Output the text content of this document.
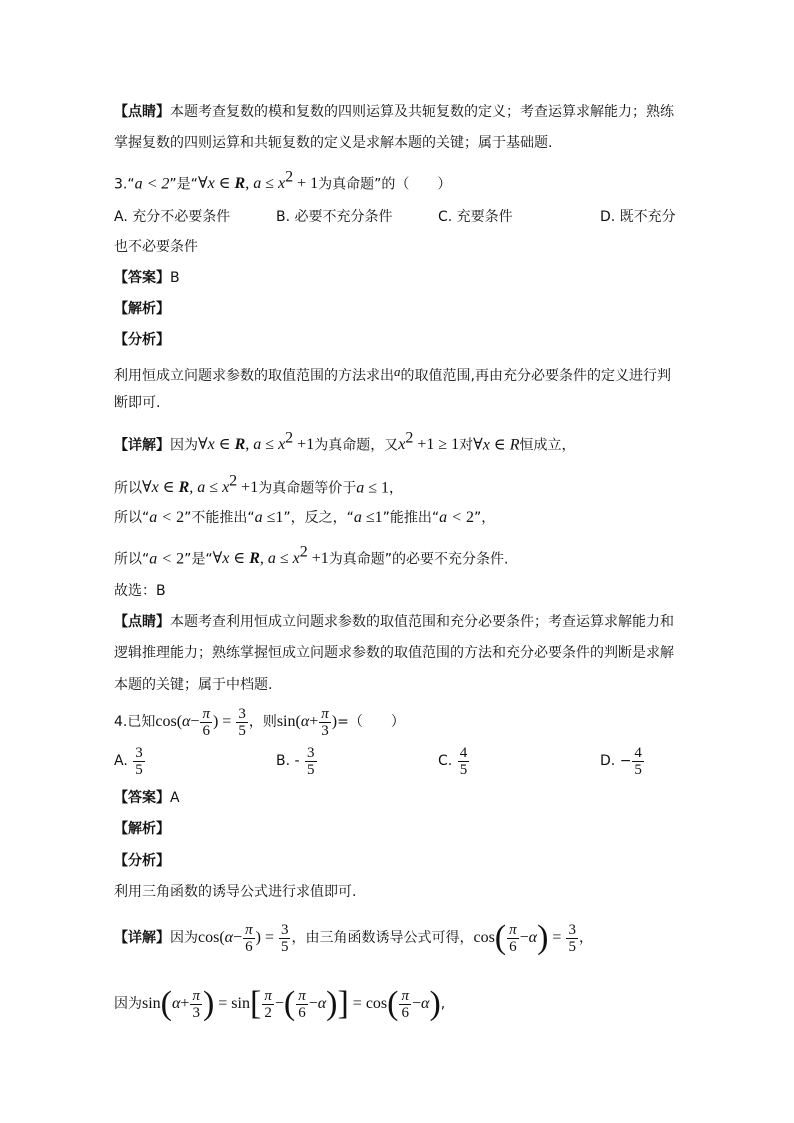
【点睛】本题考查复数的模和复数的四则运算及共轭复数的定义；考查运算求解能力；熟练
掌握复数的四则运算和共轭复数的定义是求解本题的关键；属于基础题.
3.“a < 2”是“∀x ∈ R, $a \le x^2 + 1$为真命题”的（　　）
A. 充分不必要条件	B. 必要不充分条件	C. 充要条件	D. 既不充分
也不必要条件
【答案】B
【解析】
【分析】
利用恒成立问题求参数的取值范围的方法求出a的取值范围,再由充分必要条件的定义进行判
断即可.
【详解】因为∀x ∈ R, $a \le x^2 +1$为真命题，又$x^2 +1 \ge 1$对∀x ∈ R恒成立，
所以∀x ∈ R, $a \le x^2 +1$为真命题等价于a ≤ 1，
所以“a < 2”不能推出“a ≤1”，反之，“a ≤1”能推出“a < 2”，
所以“a < 2”是“∀x ∈ R, $a \le x^2 +1$为真命题”的必要不充分条件.
故选：B
【点睛】本题考查利用恒成立问题求参数的取值范围和充分必要条件；考查运算求解能力和
逻辑推理能力；熟练掌握恒成立问题求参数的取值范围的方法和充分必要条件的判断是求解
本题的关键；属于中档题.
4.已知$\cos(\alpha- \frac{\pi}{6}$ ) = $\frac{3}{5}$ ，则$\sin(\alpha+ \frac{\pi}{3}$ )=（　　）
A. $\frac{3}{5}$	B. - $\frac{3}{5}$	C. $\frac{4}{5}$	D. − $\frac{4}{5}$
【答案】A
【解析】
【分析】
利用三角函数的诱导公式进行求值即可.
【详解】因为$\cos(\alpha- \frac{\pi}{6}$ ) = $\frac{3}{5}$ ，由三角函数诱导公式可得，$\cos( \frac{\pi}{6} -\alpha) = \frac{3}{5}$ ，
因为$\sin(\alpha+ \frac{\pi}{3}$ ) = $\sin[ \frac{\pi}{2}$ −( $\frac{\pi}{6} -\alpha)] = \cos( \frac{\pi}{6} -\alpha)$,
